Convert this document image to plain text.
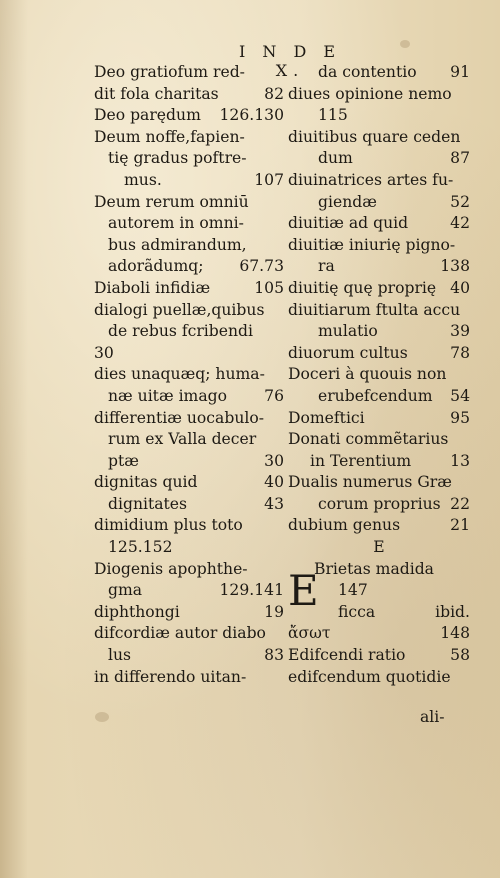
I N D E X.
Deo gratiofum red-
dit fola charitas	82
Deo parędum 126.130
Deum noffe,fapien-
tię gradus poftre-
mus.	107
Deum rerum omniū
autorem in omni-
bus admirandum,
adorãdumq; 67.73
Diaboli infidiæ	105
dialogi puellæ,quibus
de rebus fcribendi
30
dies unaquæq; huma-
næ uitæ imago 76
differentiæ uocabulo-
rum ex Valla decer
ptæ	30
dignitas quid	40
dignitates	43
dimidium plus toto
125.152
Diogenis apophthe-
gma	129.141
diphthongi	19
difcordiæ autor diabo
lus	83
in differendo uitan-
da contentio 91
diues opinione nemo
115
diuitibus quare ceden
dum	87
diuinatrices artes fu-
giendæ	52
diuitiæ ad quid	42
diuitiæ iniurię pigno-
ra	138
diuitię quę proprię 40
diuitiarum ftulta accu
mulatio	39
diuorum cultus	78
Doceri à quouis non
erubefcendum 54
Domeftici	95
Donati commẽtarius
in Terentium 13
Dualis numerus Græ
corum proprius 22
dubium genus	21
E
Brietas madida
147
ficca	ibid.
ἄσωτ	148
Edifcendi ratio	58
edifcendum quotidie
E
ali-
